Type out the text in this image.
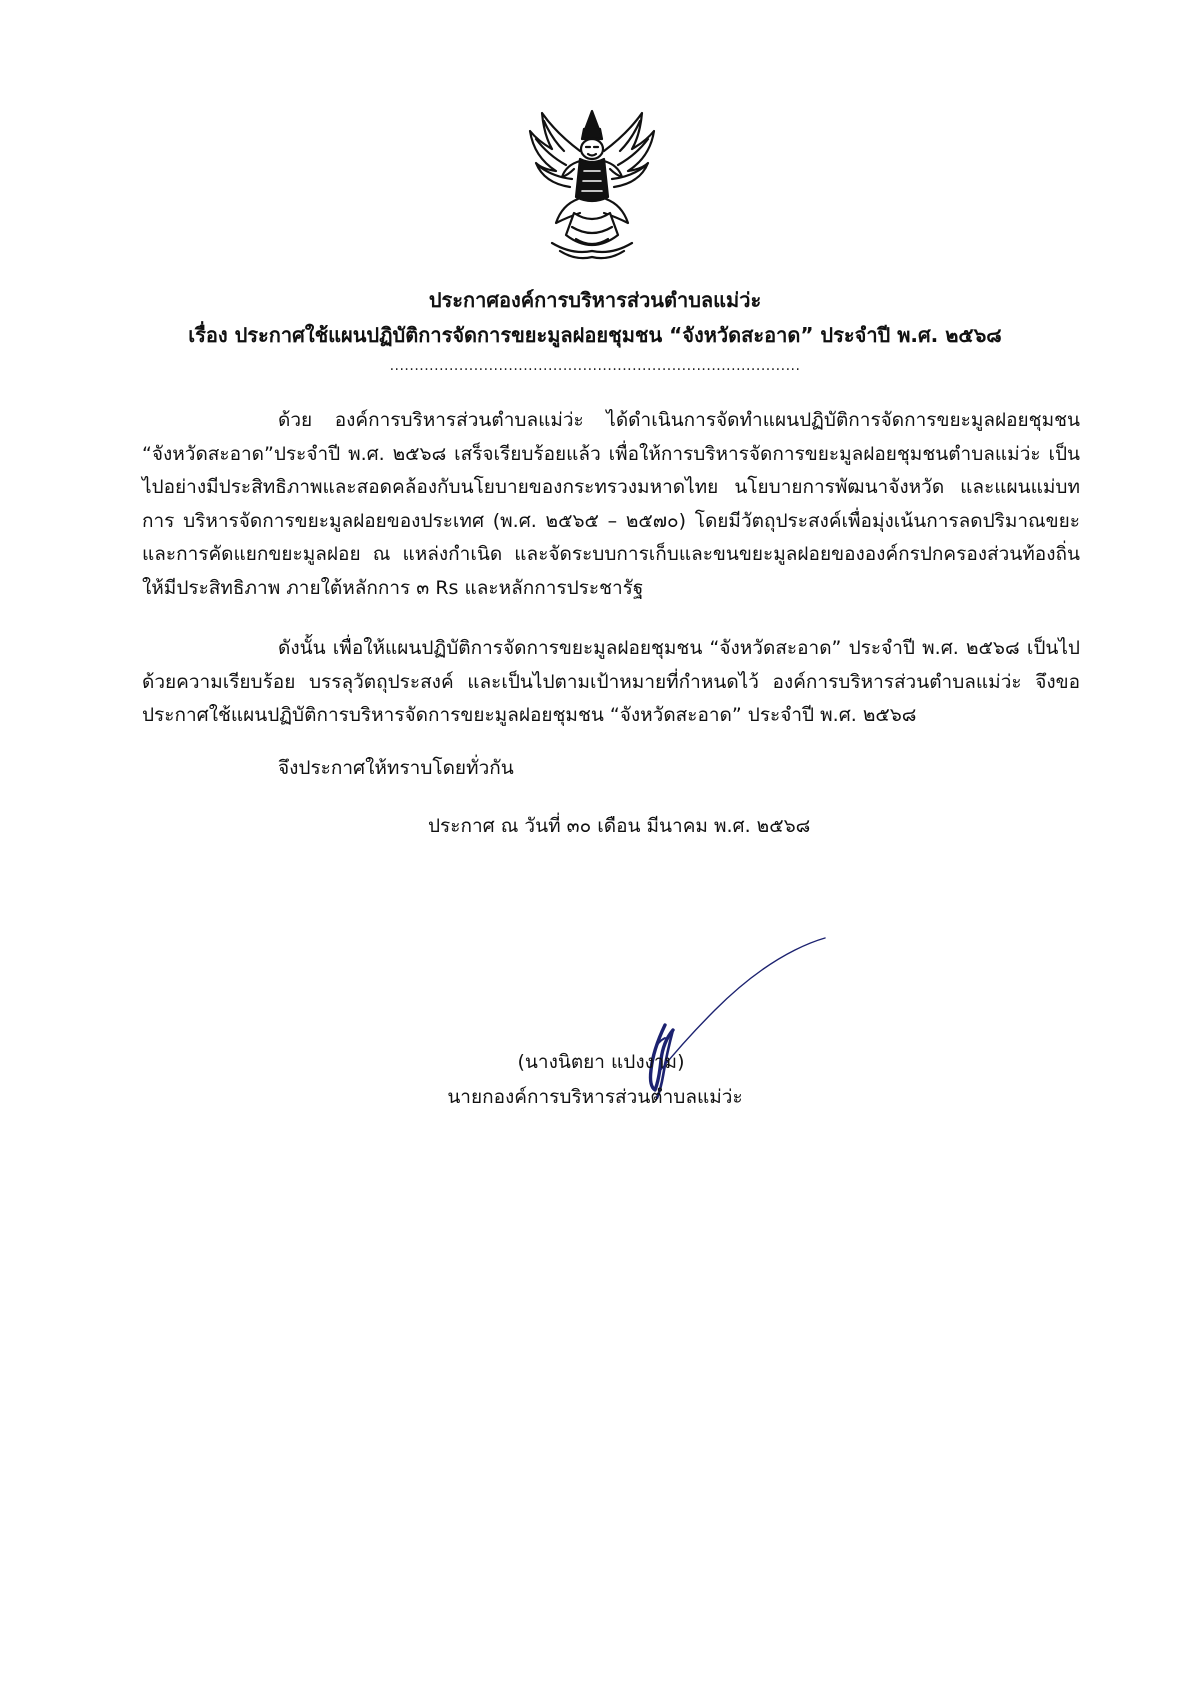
ประกาศองค์การบริหารส่วนตำบลแม่ว่ะ
เรื่อง ประกาศใช้แผนปฏิบัติการจัดการขยะมูลฝอยชุมชน “จังหวัดสะอาด” ประจำปี พ.ศ. ๒๕๖๘
...................................................................................

ด้วย องค์การบริหารส่วนตำบลแม่ว่ะ ได้ดำเนินการจัดทำแผนปฏิบัติการจัดการขยะมูลฝอยชุมชน “จังหวัดสะอาด”ประจำปี พ.ศ. ๒๕๖๘ เสร็จเรียบร้อยแล้ว เพื่อให้การบริหารจัดการขยะมูลฝอยชุมชนตำบลแม่ว่ะ เป็นไปอย่างมีประสิทธิภาพและสอดคล้องกับนโยบายของกระทรวงมหาดไทย นโยบายการพัฒนาจังหวัด และแผนแม่บทการ บริหารจัดการขยะมูลฝอยของประเทศ (พ.ศ. ๒๕๖๕ – ๒๕๗๐) โดยมีวัตถุประสงค์เพื่อมุ่งเน้นการลดปริมาณขยะ และการคัดแยกขยะมูลฝอย ณ แหล่งกำเนิด และจัดระบบการเก็บและขนขยะมูลฝอยขององค์กรปกครองส่วนท้องถิ่นให้มีประสิทธิภาพ ภายใต้หลักการ ๓ Rs และหลักการประชารัฐ

ดังนั้น เพื่อให้แผนปฏิบัติการจัดการขยะมูลฝอยชุมชน “จังหวัดสะอาด” ประจำปี พ.ศ. ๒๕๖๘ เป็นไปด้วยความเรียบร้อย บรรลุวัตถุประสงค์ และเป็นไปตามเป้าหมายที่กำหนดไว้ องค์การบริหารส่วนตำบลแม่ว่ะ จึงขอประกาศใช้แผนปฏิบัติการบริหารจัดการขยะมูลฝอยชุมชน “จังหวัดสะอาด” ประจำปี พ.ศ. ๒๕๖๘

จึงประกาศให้ทราบโดยทั่วกัน
ประกาศ ณ วันที่ ๓๐ เดือน มีนาคม พ.ศ. ๒๕๖๘
(นางนิตยา แปงงาม)
นายกองค์การบริหารส่วนตำบลแม่ว่ะ
